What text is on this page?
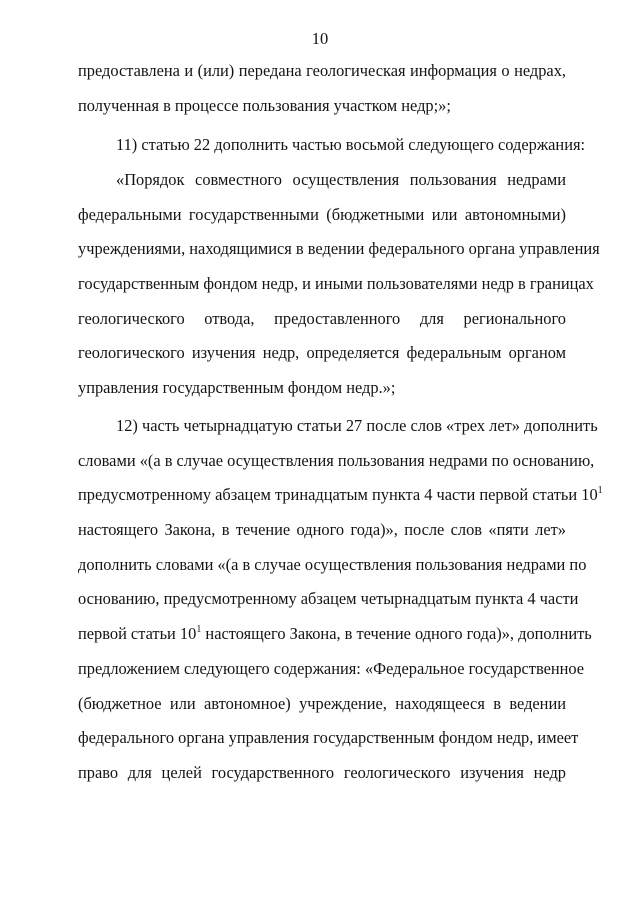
10
предоставлена и (или) передана геологическая информация о недрах,
полученная в процессе пользования участком недр;»;
11) статью 22 дополнить частью восьмой следующего содержания:
«Порядок совместного осуществления пользования недрами
федеральными государственными (бюджетными или автономными)
учреждениями, находящимися в ведении федерального органа управления
государственным фондом недр, и иными пользователями недр в границах
геологического отвода, предоставленного для регионального
геологического изучения недр, определяется федеральным органом
управления государственным фондом недр.»;
12) часть четырнадцатую статьи 27 после слов «трех лет» дополнить
словами «(а в случае осуществления пользования недрами по основанию,
предусмотренному абзацем тринадцатым пункта 4 части первой статьи $10^1$
настоящего Закона, в течение одного года)», после слов «пяти лет»
дополнить словами «(а в случае осуществления пользования недрами по
основанию, предусмотренному абзацем четырнадцатым пункта 4 части
первой статьи $10^1$ настоящего Закона, в течение одного года)», дополнить
предложением следующего содержания: «Федеральное государственное
(бюджетное или автономное) учреждение, находящееся в ведении
федерального органа управления государственным фондом недр, имеет
право для целей государственного геологического изучения недр
